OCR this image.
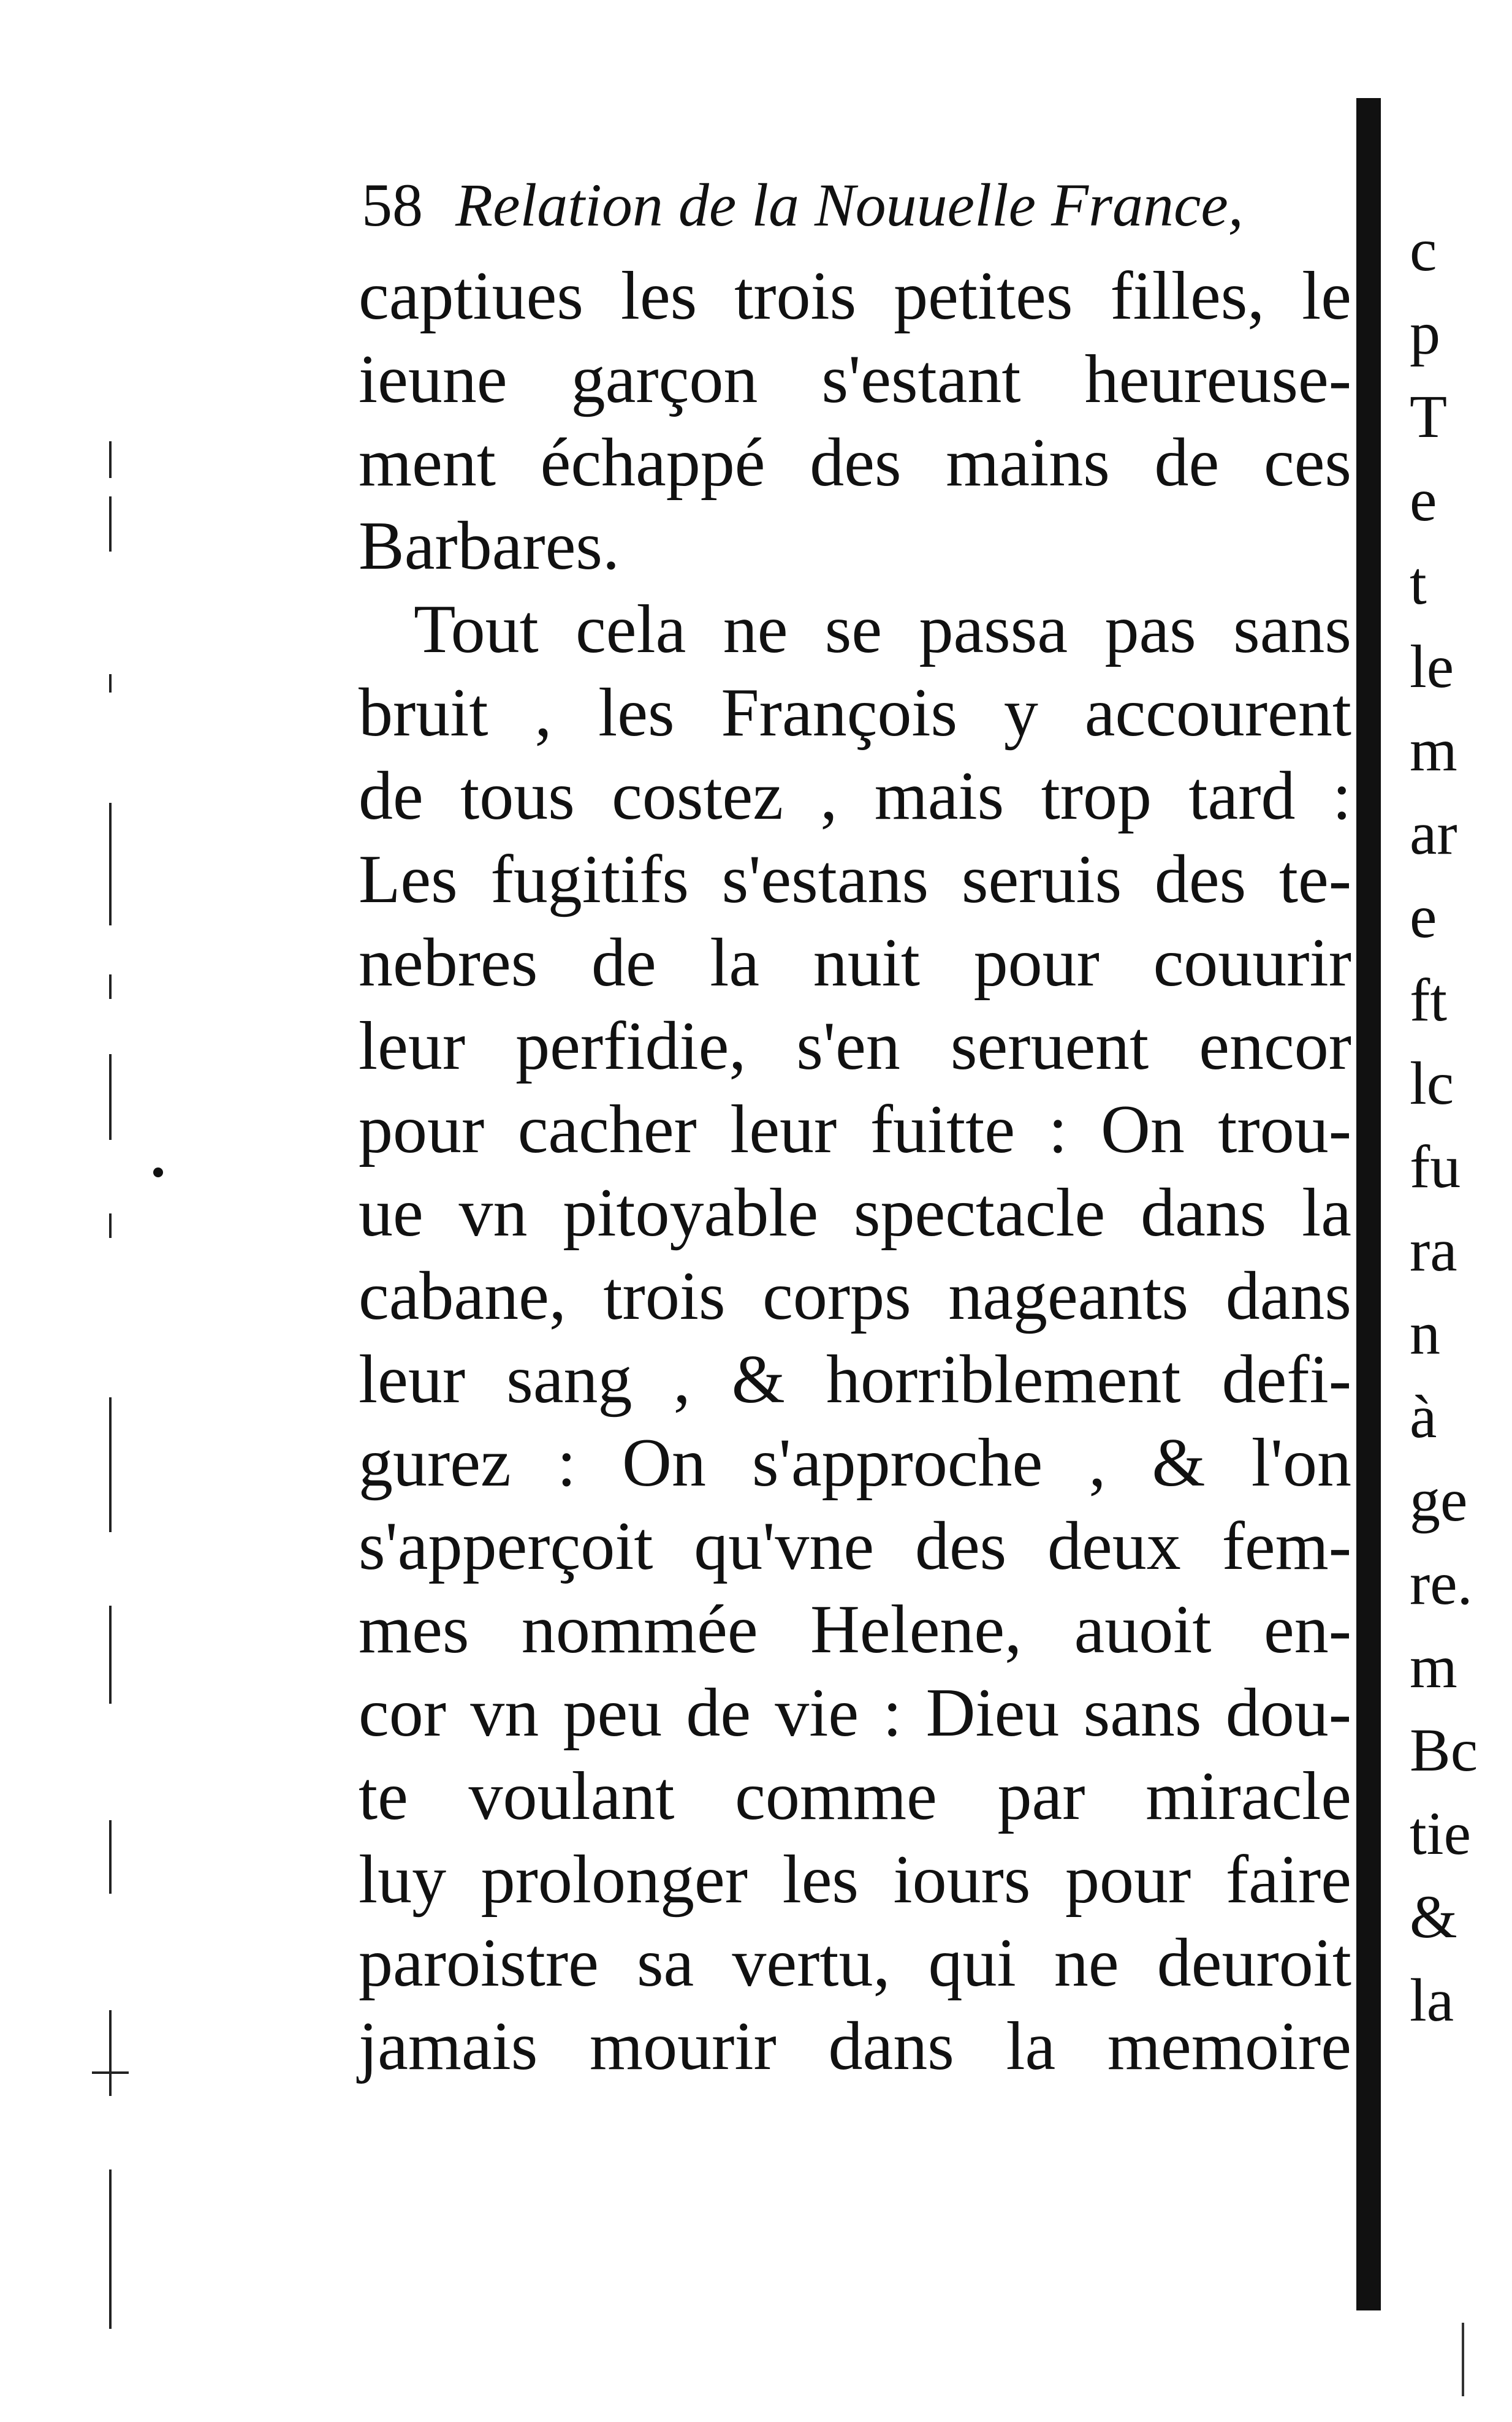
58 Relation de la Nouuelle France,
captiues les trois petites filles, le
ieune garçon s'estant heureuse-
ment échappé des mains de ces
Barbares.
Tout cela ne se passa pas sans
bruit , les François y accourent
de tous costez , mais trop tard :
Les fugitifs s'estans seruis des te-
nebres de la nuit pour couurir
leur perfidie, s'en seruent encor
pour cacher leur fuitte : On trou-
ue vn pitoyable spectacle dans la
cabane, trois corps nageants dans
leur sang , & horriblement defi-
gurez : On s'approche , & l'on
s'apperçoit qu'vne des deux fem-
mes nommée Helene, auoit en-
cor vn peu de vie : Dieu sans dou-
te voulant comme par miracle
luy prolonger les iours pour faire
paroistre sa vertu, qui ne deuroit
jamais mourir dans la memoire
c
p
T
e
t
le
m
ar
e
ft
lc
fu
ra
n
à
ge
re.
m
Bc
tie
&
la
